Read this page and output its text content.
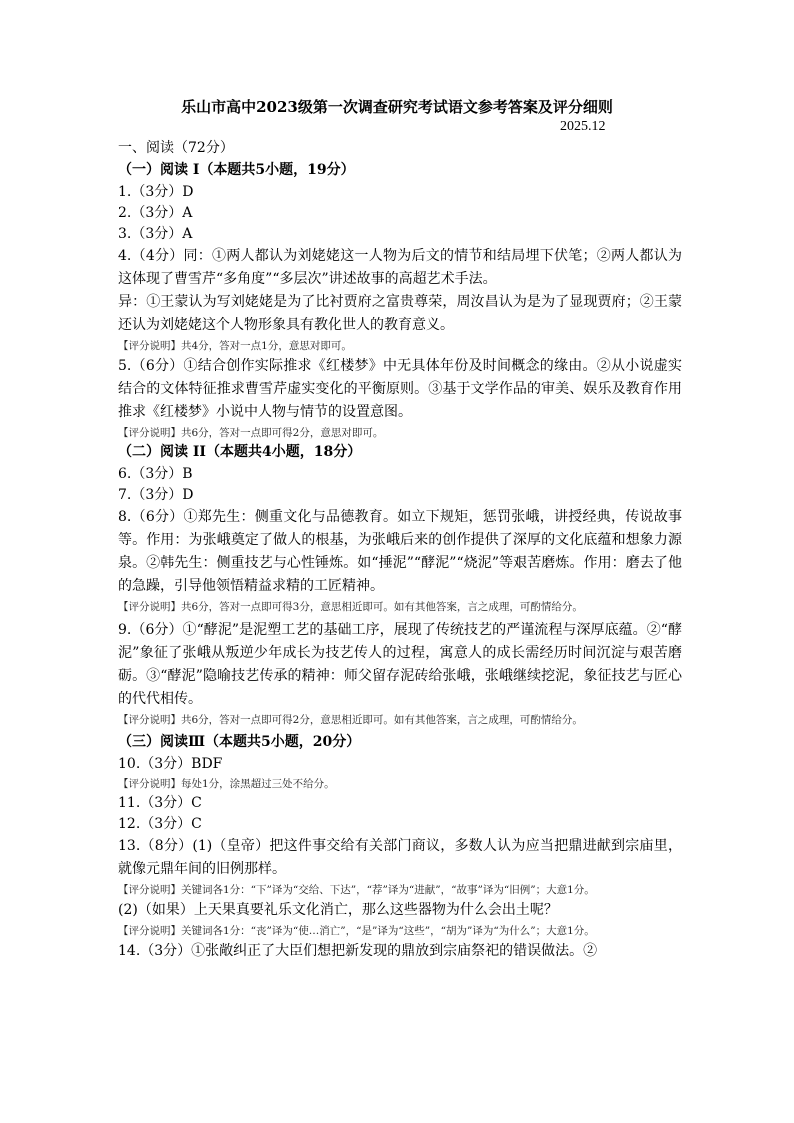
乐山市高中2023级第一次调查研究考试语文参考答案及评分细则
2025.12
一、阅读（72分）
（一）阅读 I（本题共5小题，19分）
1.（3分）D
2.（3分）A
3.（3分）A
4.（4分）同：①两人都认为刘姥姥这一人物为后文的情节和结局埋下伏笔；②两人都认为这体现了曹雪芹“多角度”“多层次”讲述故事的高超艺术手法。
异：①王蒙认为写刘姥姥是为了比衬贾府之富贵尊荣，周汝昌认为是为了显现贾府；②王蒙还认为刘姥姥这个人物形象具有教化世人的教育意义。
【评分说明】共4分，答对一点1分，意思对即可。
5.（6分）①结合创作实际推求《红楼梦》中无具体年份及时间概念的缘由。②从小说虚实结合的文体特征推求曹雪芹虚实变化的平衡原则。③基于文学作品的审美、娱乐及教育作用推求《红楼梦》小说中人物与情节的设置意图。
【评分说明】共6分，答对一点即可得2分，意思对即可。
（二）阅读 II（本题共4小题，18分）
6.（3分）B
7.（3分）D
8.（6分）①郑先生：侧重文化与品德教育。如立下规矩，惩罚张峨，讲授经典，传说故事等。作用：为张峨奠定了做人的根基，为张峨后来的创作提供了深厚的文化底蕴和想象力源泉。②韩先生：侧重技艺与心性锤炼。如“捶泥”“酵泥”“烧泥”等艰苦磨炼。作用：磨去了他的急躁，引导他领悟精益求精的工匠精神。
【评分说明】共6分，答对一点即可得3分，意思相近即可。如有其他答案，言之成理，可酌情给分。
9.（6分）①“酵泥”是泥塑工艺的基础工序，展现了传统技艺的严谨流程与深厚底蕴。②“酵泥”象征了张峨从叛逆少年成长为技艺传人的过程，寓意人的成长需经历时间沉淀与艰苦磨砺。③“酵泥”隐喻技艺传承的精神：师父留存泥砖给张峨，张峨继续挖泥，象征技艺与匠心的代代相传。
【评分说明】共6分，答对一点即可得2分，意思相近即可。如有其他答案，言之成理，可酌情给分。
（三）阅读Ⅲ（本题共5小题，20分）
10.（3分）BDF
【评分说明】每处1分，涂黑超过三处不给分。
11.（3分）C
12.（3分）C
13.（8分）(1)（皇帝）把这件事交给有关部门商议，多数人认为应当把鼎进献到宗庙里，就像元鼎年间的旧例那样。
【评分说明】关键词各1分：“下”译为“交给、下达”，“荐”译为“进献”，“故事”译为“旧例”；大意1分。
(2)（如果）上天果真要礼乐文化消亡，那么这些器物为什么会出土呢？
【评分说明】关键词各1分：“丧”译为“使…消亡”，“是”译为“这些”，“胡为”译为“为什么”；大意1分。
14.（3分）①张敞纠正了大臣们想把新发现的鼎放到宗庙祭祀的错误做法。②
